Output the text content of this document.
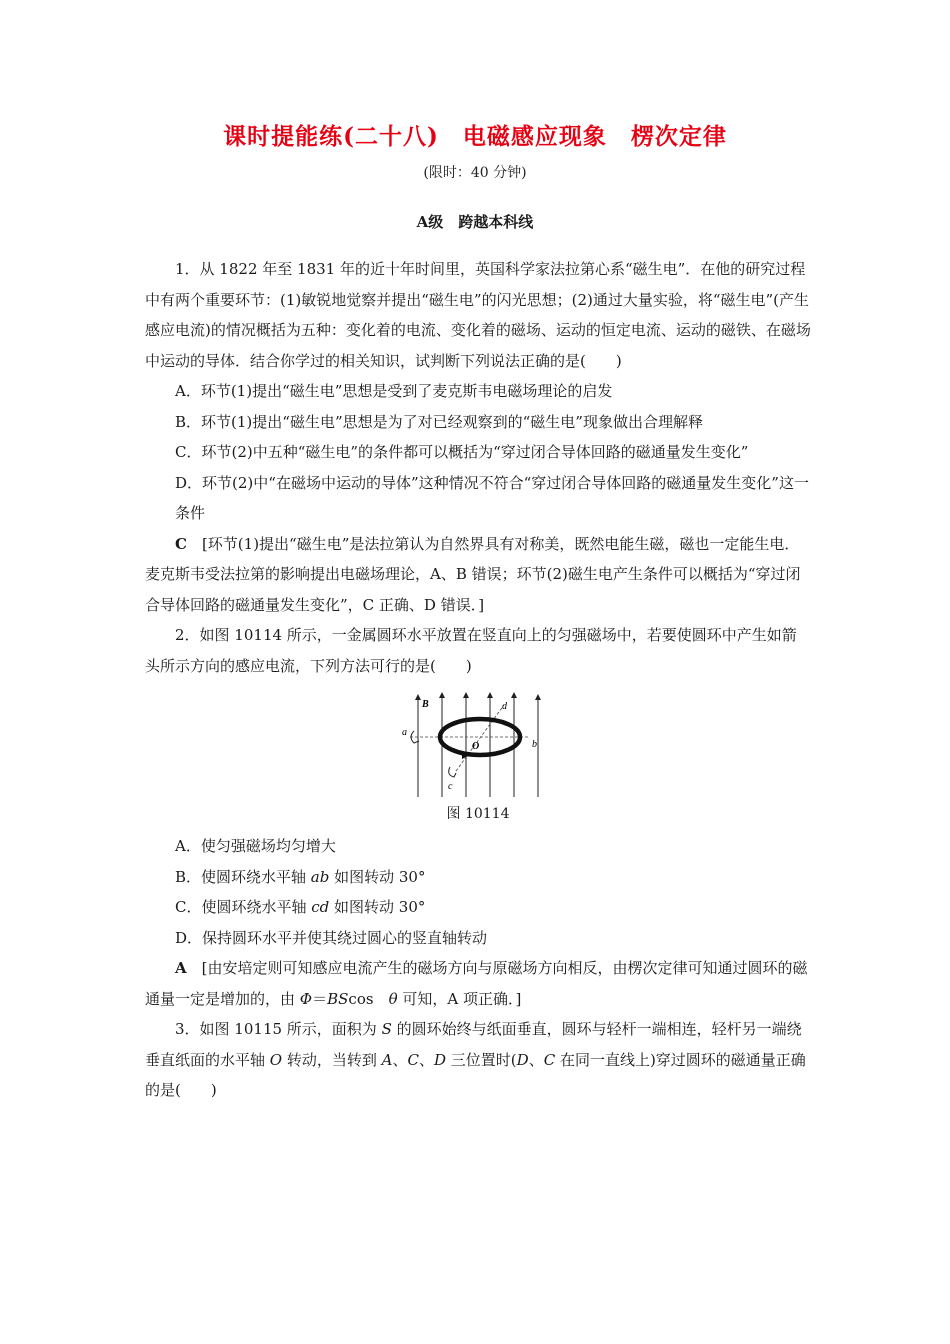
课时提能练(二十八)　电磁感应现象　楞次定律
(限时：40 分钟)
A级　跨越本科线

1．从 1822 年至 1831 年的近十年时间里，英国科学家法拉第心系“磁生电”．在他的研究过程中有两个重要环节：(1)敏锐地觉察并提出“磁生电”的闪光思想；(2)通过大量实验，将“磁生电”(产生感应电流)的情况概括为五种：变化着的电流、变化着的磁场、运动的恒定电流、运动的磁铁、在磁场中运动的导体．结合你学过的相关知识，试判断下列说法正确的是(　　)

A．环节(1)提出“磁生电”思想是受到了麦克斯韦电磁场理论的启发

B．环节(1)提出“磁生电”思想是为了对已经观察到的“磁生电”现象做出合理解释

C．环节(2)中五种“磁生电”的条件都可以概括为“穿过闭合导体回路的磁通量发生变化”

D．环节(2)中“在磁场中运动的导体”这种情况不符合“穿过闭合导体回路的磁通量发生变化”这一条件

C　[环节(1)提出“磁生电”是法拉第认为自然界具有对称美，既然电能生磁，磁也一定能生电．麦克斯韦受法拉第的影响提出电磁场理论，A、B 错误；环节(2)磁生电产生条件可以概括为“穿过闭合导体回路的磁通量发生变化”，C 正确、D 错误．]

2．如图 10114 所示，一金属圆环水平放置在竖直向上的匀强磁场中，若要使圆环中产生如箭头所示方向的感应电流，下列方法可行的是(　　)

B
a
b
c
d
O

图 10114

A．使匀强磁场均匀增大

B．使圆环绕水平轴 ab 如图转动 30°

C．使圆环绕水平轴 cd 如图转动 30°

D．保持圆环水平并使其绕过圆心的竖直轴转动

A　[由安培定则可知感应电流产生的磁场方向与原磁场方向相反，由楞次定律可知通过圆环的磁通量一定是增加的，由 Φ＝BScos　θ 可知，A 项正确．]

3．如图 10115 所示，面积为 S 的圆环始终与纸面垂直，圆环与轻杆一端相连，轻杆另一端绕垂直纸面的水平轴 O 转动，当转到 A、C、D 三位置时(D、C 在同一直线上)穿过圆环的磁通量正确的是(　　)
